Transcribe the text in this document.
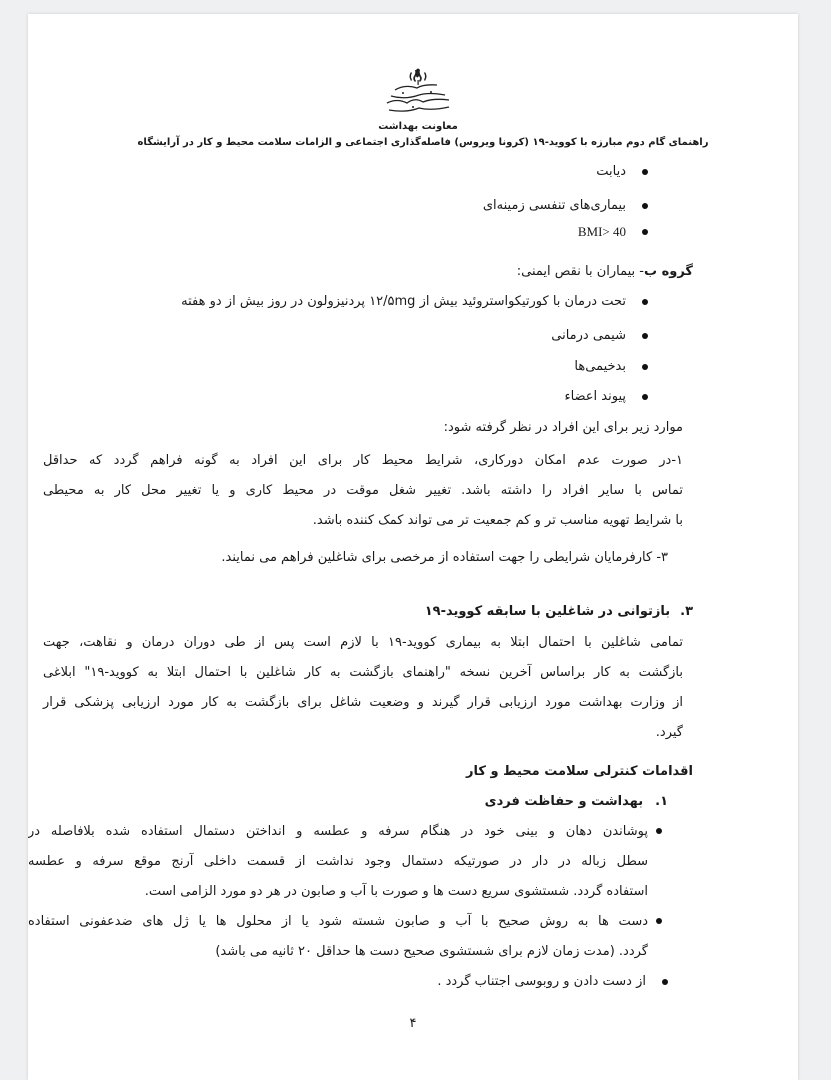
معاونت بهداشت
راهنمای گام دوم مبارزه با کووید-۱۹ (کرونا ویروس) فاصله‌گذاری اجتماعی و الزامات سلامت محیط و کار در آرایشگاه
دیابت
بیماری‌های تنفسی زمینه‌ای
BMI> 40
گروه ب- بیماران با نقص ایمنی:
تحت درمان با کورتیکواستروئید بیش از ۱۲/۵mg پردنیزولون در روز بیش از دو هفته
شیمی درمانی
بدخیمی‌ها
پیوند اعضاء
موارد زیر برای این افراد در نظر گرفته شود:
۱-در صورت عدم امکان دورکاری، شرایط محیط کار برای این افراد به گونه فراهم گردد که حداقل
تماس با سایر افراد را داشته باشد. تغییر شغل موقت در محیط کاری و یا تغییر محل کار به محیطی
با شرایط تهویه مناسب تر و کم جمعیت تر می تواند کمک کننده باشد.
۳- کارفرمایان شرایطی را جهت استفاده از مرخصی برای شاغلین فراهم می نمایند.
۳.بازتوانی در شاغلین با سابقه کووید-۱۹
تمامی شاغلین با احتمال ابتلا به بیماری کووید-۱۹ با لازم است پس از طی دوران درمان و نقاهت، جهت
بازگشت به کار براساس آخرین نسخه "راهنمای بازگشت به کار شاغلین با احتمال ابتلا به کووید-۱۹" ابلاغی
از وزارت بهداشت مورد ارزیابی قرار گیرند و وضعیت شاغل برای بازگشت به کار مورد ارزیابی پزشکی قرار
گیرد.
اقدامات کنترلی سلامت محیط و کار
۱.بهداشت و حفاظت فردی
پوشاندن دهان و بینی خود در هنگام سرفه و عطسه و انداختن دستمال استفاده شده بلافاصله در
سطل زباله در دار در صورتیکه دستمال وجود نداشت از قسمت داخلی آرنج موقع سرفه و عطسه
استفاده گردد. شستشوی سریع دست ها و صورت با آب و صابون در هر دو مورد الزامی است.
دست ها به روش صحیح با آب و صابون شسته شود یا از محلول ها یا ژل های ضدعفونی استفاده
گردد. (مدت زمان لازم برای شستشوی صحیح دست ها حداقل ۲۰ ثانیه می باشد)
از دست دادن و روبوسی اجتناب گردد .
۴
